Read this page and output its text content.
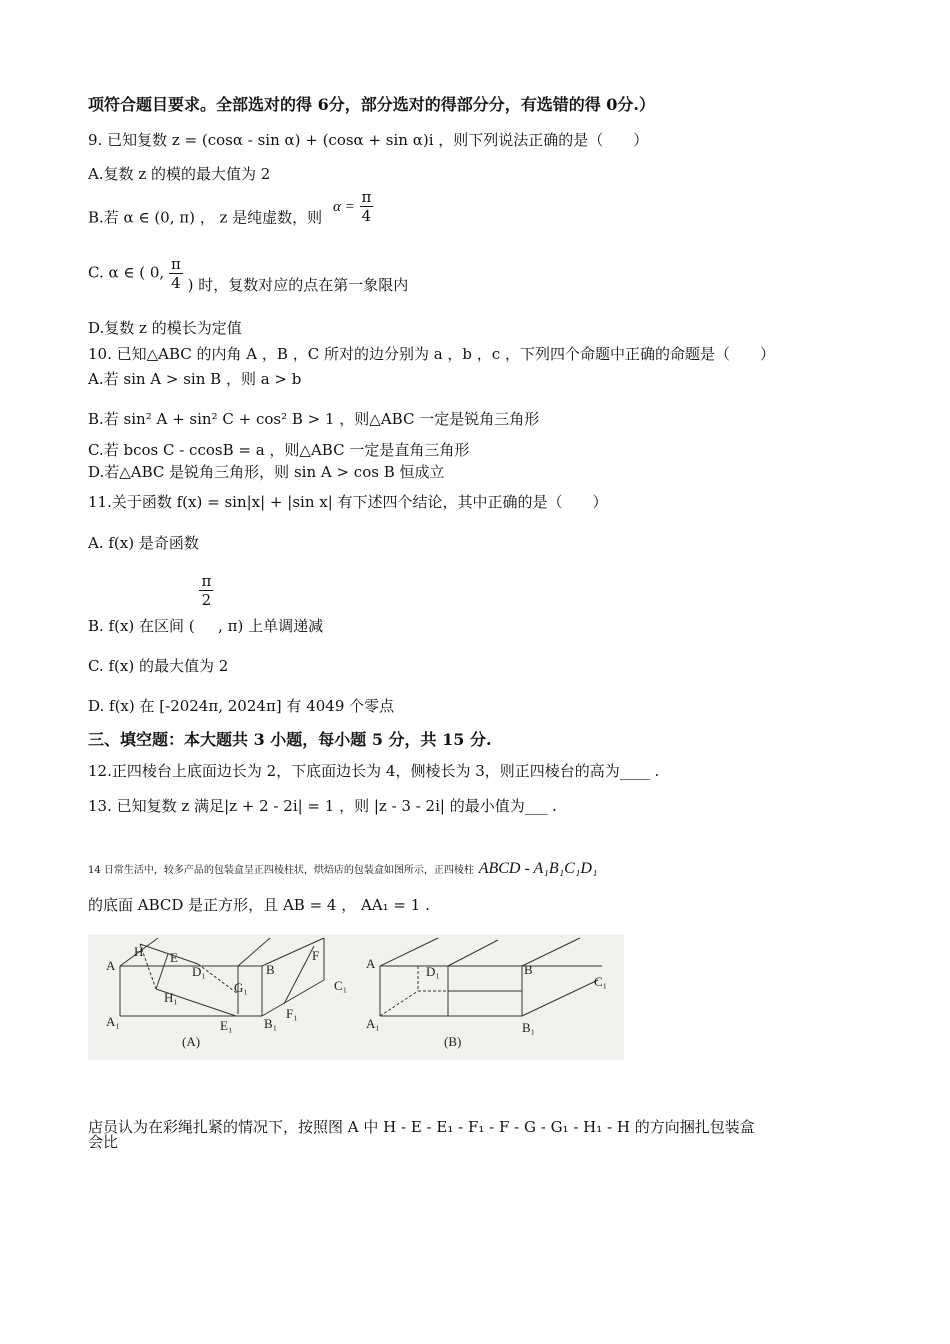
项符合题目要求。全部选对的得 6分，部分选对的得部分分，有选错的得 0分.）
9. 已知复数 z = (cosα - sin α) + (cosα + sin α)i ，则下列说法正确的是（　　）
A.复数 z 的模的最大值为 2
B.若 α ∈ (0, π) ， z 是纯虚数，则 $\alpha = \frac{\pi}{4}$
C. α ∈ ( 0, $\frac{\pi}{4}$ ) 时，复数对应的点在第一象限内
D.复数 z 的模长为定值
10. 已知△ABC 的内角 A ，B ，C 所对的边分别为 a ，b ，c ，下列四个命题中正确的命题是（　　）
A.若 sin A > sin B ，则 a > b
B.若 sin² A + sin² C + cos² B > 1 ，则△ABC 一定是锐角三角形
C.若 bcos C - ccosB = a ，则△ABC 一定是直角三角形
D.若△ABC 是锐角三角形，则 sin A > cos B 恒成立
11.关于函数 f(x) = sin|x| + |sin x| 有下述四个结论，其中正确的是（　　）
A. f(x) 是奇函数
B. f(x) 在区间 (
$\frac{\pi}{2}$
, π) 上单调递减
C. f(x) 的最大值为 2
D. f(x) 在 [-2024π, 2024π] 有 4049 个零点
三、填空题：本大题共 3 小题，每小题 5 分，共 15 分.
12.正四棱台上底面边长为 2，下底面边长为 4，侧棱长为 3，则正四棱台的高为____ .
13. 已知复数 z 满足|z + 2 - 2i| = 1 ，则 |z - 3 - 2i| 的最小值为___ .
14 日常生活中，较多产品的包装盒呈正四棱柱状，烘焙店的包装盒如图所示，正四棱柱 ABCD - A₁B₁C₁D₁
的底面 ABCD 是正方形，且 AB = 4 ， AA₁ = 1 .
H E
A	D₁	B
F
G₁	C₁
H₁
A₁	E₁ B₁
F₁
A
D₁	B
C₁
A₁	B₁
(A)	(B)
店员认为在彩绳扎紧的情况下，按照图 A 中 H - E - E₁ - F₁ - F - G - G₁ - H₁ - H 的方向捆扎包装盒
会比
